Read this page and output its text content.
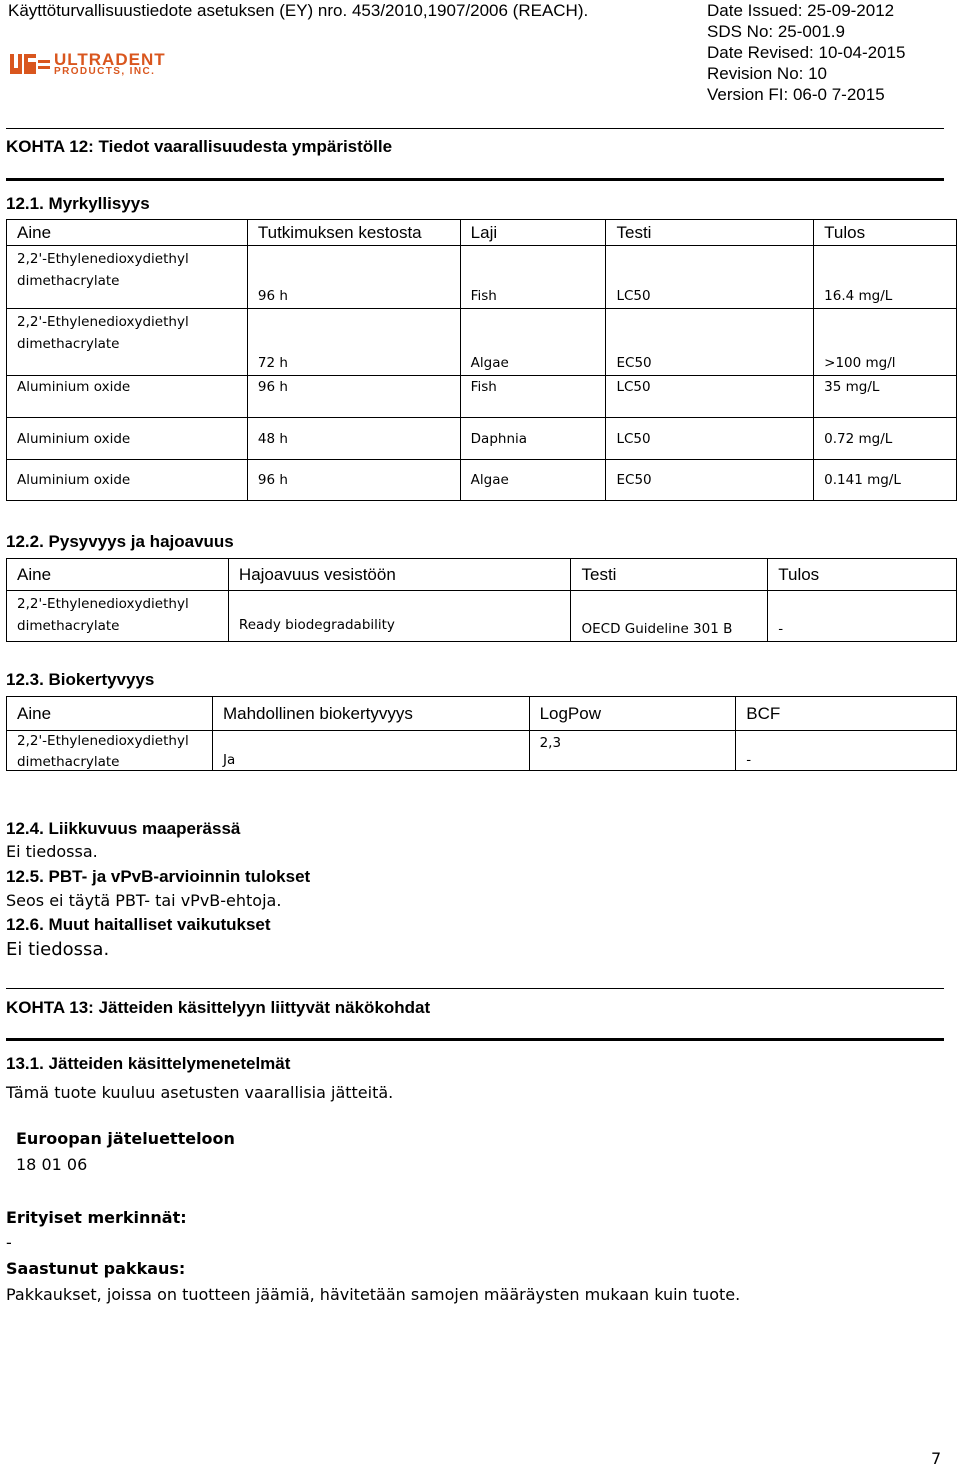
Käyttöturvallisuustiedote asetuksen (EY) nro. 453/2010,1907/2006 (REACH).	Date Issued: 25-09-2012
SDS No: 25-001.9
Date Revised: 10-04-2015
Revision No: 10
Version FI: 06-0 7-2015
ULTRADENT
PRODUCTS, INC.
KOHTA 12: Tiedot vaarallisuudesta ympäristölle
12.1. Myrkyllisyys
Aine	Tutkimuksen kestosta	Laji	Testi	Tulos

2,2'-Ethylenedioxydiethyl dimethacrylate	96 h	Fish	LC50	16.4 mg/L

2,2'-Ethylenedioxydiethyl dimethacrylate	72 h	Algae	EC50	>100 mg/l
Aluminium oxide	96 h	Fish	LC50	35 mg/L
Aluminium oxide	48 h	Daphnia	LC50	0.72 mg/L
Aluminium oxide	96 h	Algae	EC50	0.141 mg/L
12.2. Pysyvyys ja hajoavuus
Aine	Hajoavuus vesistöön	Testi	Tulos

2,2'-Ethylenedioxydiethyl dimethacrylate	Ready biodegradability	OECD Guideline 301 B	-
12.3. Biokertyvyys
Aine	Mahdollinen biokertyvyys	LogPow	BCF

2,2'-Ethylenedioxydiethyl dimethacrylate	Ja	2,3	-
12.4. Liikkuvuus maaperässä
Ei tiedossa.
12.5. PBT- ja vPvB-arvioinnin tulokset
Seos ei täytä PBT- tai vPvB-ehtoja.
12.6. Muut haitalliset vaikutukset
Ei tiedossa.
KOHTA 13: Jätteiden käsittelyyn liittyvät näkökohdat
13.1. Jätteiden käsittelymenetelmät
Tämä tuote kuuluu asetusten vaarallisia jätteitä.
Euroopan jäteluetteloon
18 01 06
Erityiset merkinnät:
-
Saastunut pakkaus:
Pakkaukset, joissa on tuotteen jäämiä, hävitetään samojen määräysten mukaan kuin tuote.
7
